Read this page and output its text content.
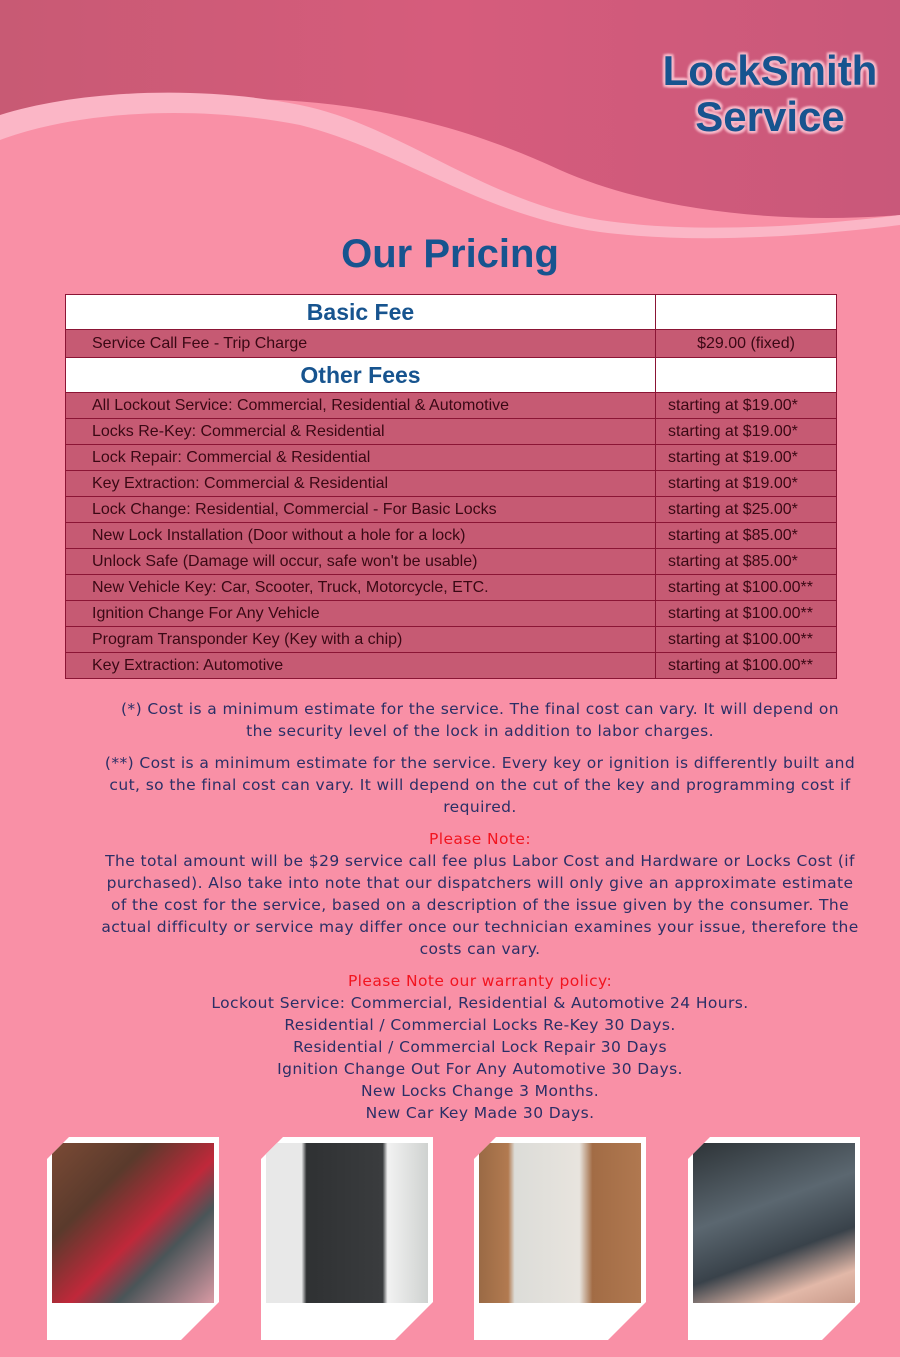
LockSmith
Service
Our Pricing
Basic Fee	
Service Call Fee - Trip Charge	$29.00 (fixed)
Other Fees	
All Lockout Service: Commercial, Residential & Automotive	starting at $19.00*
Locks Re-Key: Commercial & Residential	starting at $19.00*
Lock Repair: Commercial & Residential	starting at $19.00*
Key Extraction: Commercial & Residential	starting at $19.00*
Lock Change: Residential, Commercial - For Basic Locks	starting at $25.00*
New Lock Installation (Door without a hole for a lock)	starting at $85.00*
Unlock Safe (Damage will occur, safe won't be usable)	starting at $85.00*
New Vehicle Key: Car, Scooter, Truck, Motorcycle, ETC.	starting at $100.00**
Ignition Change For Any Vehicle	starting at $100.00**
Program Transponder Key (Key with a chip)	starting at $100.00**
Key Extraction: Automotive	starting at $100.00**

(*) Cost is a minimum estimate for the service. The final cost can vary. It will depend on the security level of the lock in addition to labor charges.

(**) Cost is a minimum estimate for the service. Every key or ignition is differently built and cut, so the final cost can vary. It will depend on the cut of the key and programming cost if required.

Please Note:

The total amount will be $29 service call fee plus Labor Cost and Hardware or Locks Cost (if purchased). Also take into note that our dispatchers will only give an approximate estimate of the cost for the service, based on a description of the issue given by the consumer. The actual difficulty or service may differ once our technician examines your issue, therefore the costs can vary.

Please Note our warranty policy:

Lockout Service: Commercial, Residential & Automotive 24 Hours.

Residential / Commercial Locks Re-Key 30 Days.

Residential / Commercial Lock Repair 30 Days

Ignition Change Out For Any Automotive 30 Days.

New Locks Change 3 Months.

New Car Key Made 30 Days.
